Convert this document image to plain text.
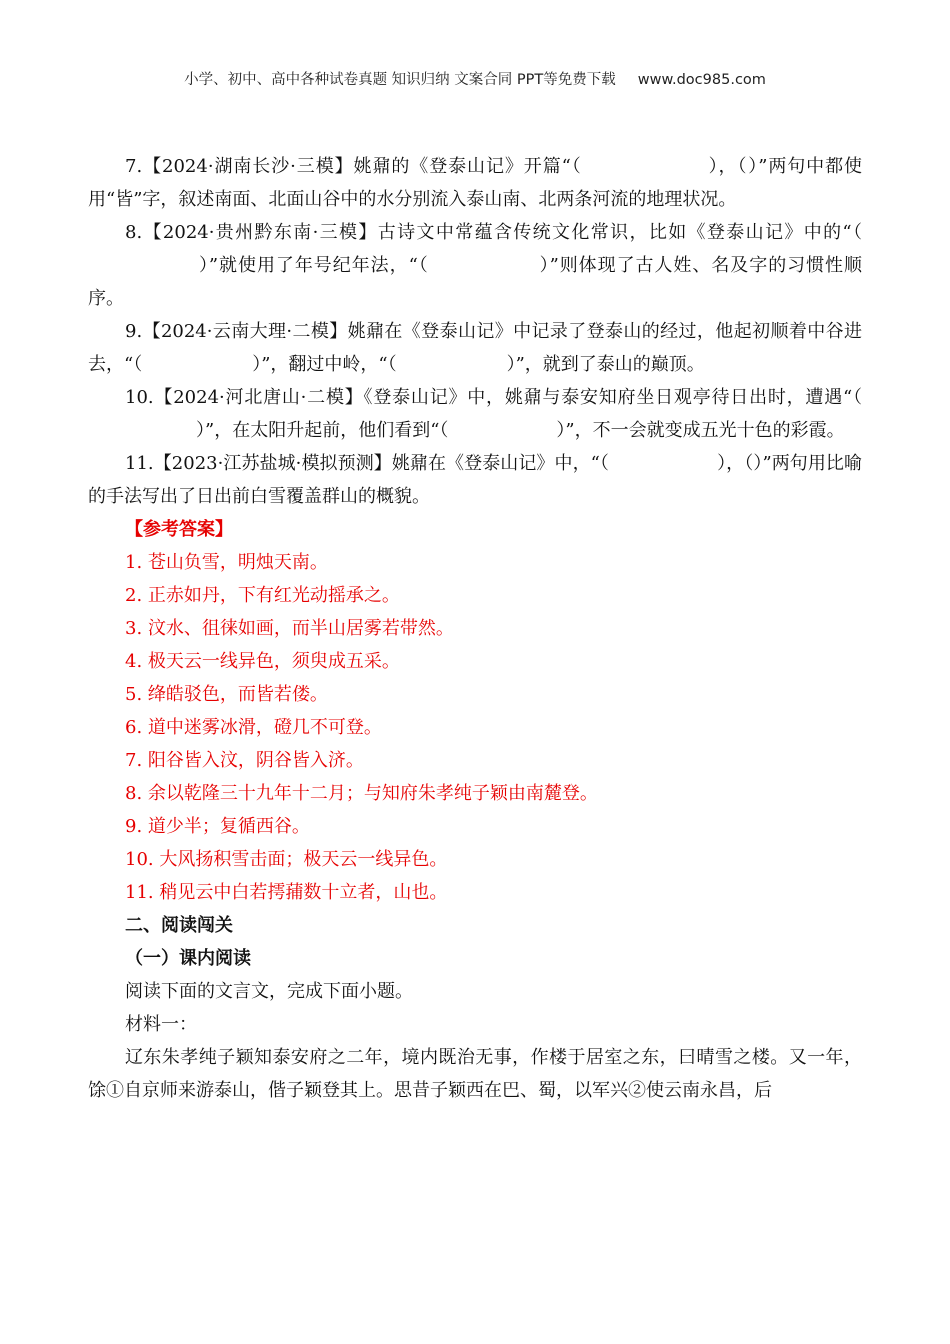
小学、初中、高中各种试卷真题 知识归纳 文案合同 PPT等免费下载 www.doc985.com

7.【2024·湖南长沙·三模】姚鼐的《登泰山记》开篇“（	），（）”两句中都使用“皆”字，叙述南面、北面山谷中的水分别流入泰山南、北两条河流的地理状况。

8.【2024·贵州黔东南·三模】古诗文中常蕴含传统文化常识，比如《登泰山记》中的“（）”就使用了年号纪年法，“（	）”则体现了古人姓、名及字的习惯性顺序。

9.【2024·云南大理·二模】姚鼐在《登泰山记》中记录了登泰山的经过，他起初顺着中谷进去，“（	）”，翻过中岭，“（	）”，就到了泰山的巅顶。

10.【2024·河北唐山·二模】《登泰山记》中，姚鼐与泰安知府坐日观亭待日出时，遭遇“（）”，在太阳升起前，他们看到“（	）”，不一会就变成五光十色的彩霞。

11.【2023·江苏盐城·模拟预测】姚鼐在《登泰山记》中，“（	），（）”两句用比喻的手法写出了日出前白雪覆盖群山的概貌。

【参考答案】

1. 苍山负雪，明烛天南。

2. 正赤如丹，下有红光动摇承之。

3. 汶水、徂徕如画，而半山居雾若带然。

4. 极天云一线异色，须臾成五采。

5. 绛皓驳色，而皆若偻。

6. 道中迷雾冰滑，磴几不可登。

7. 阳谷皆入汶，阴谷皆入济。

8. 余以乾隆三十九年十二月；与知府朱孝纯子颖由南麓登。

9. 道少半；复循西谷。

10. 大风扬积雪击面；极天云一线异色。

11. 稍见云中白若摴蒱数十立者，山也。

二、阅读闯关

（一）课内阅读

阅读下面的文言文，完成下面小题。

材料一：

辽东朱孝纯子颖知泰安府之二年，境内既治无事，作楼于居室之东，曰晴雪之楼。又一年，馀①自京师来游泰山，偕子颖登其上。思昔子颖西在巴、蜀，以军兴②使云南永昌，后
